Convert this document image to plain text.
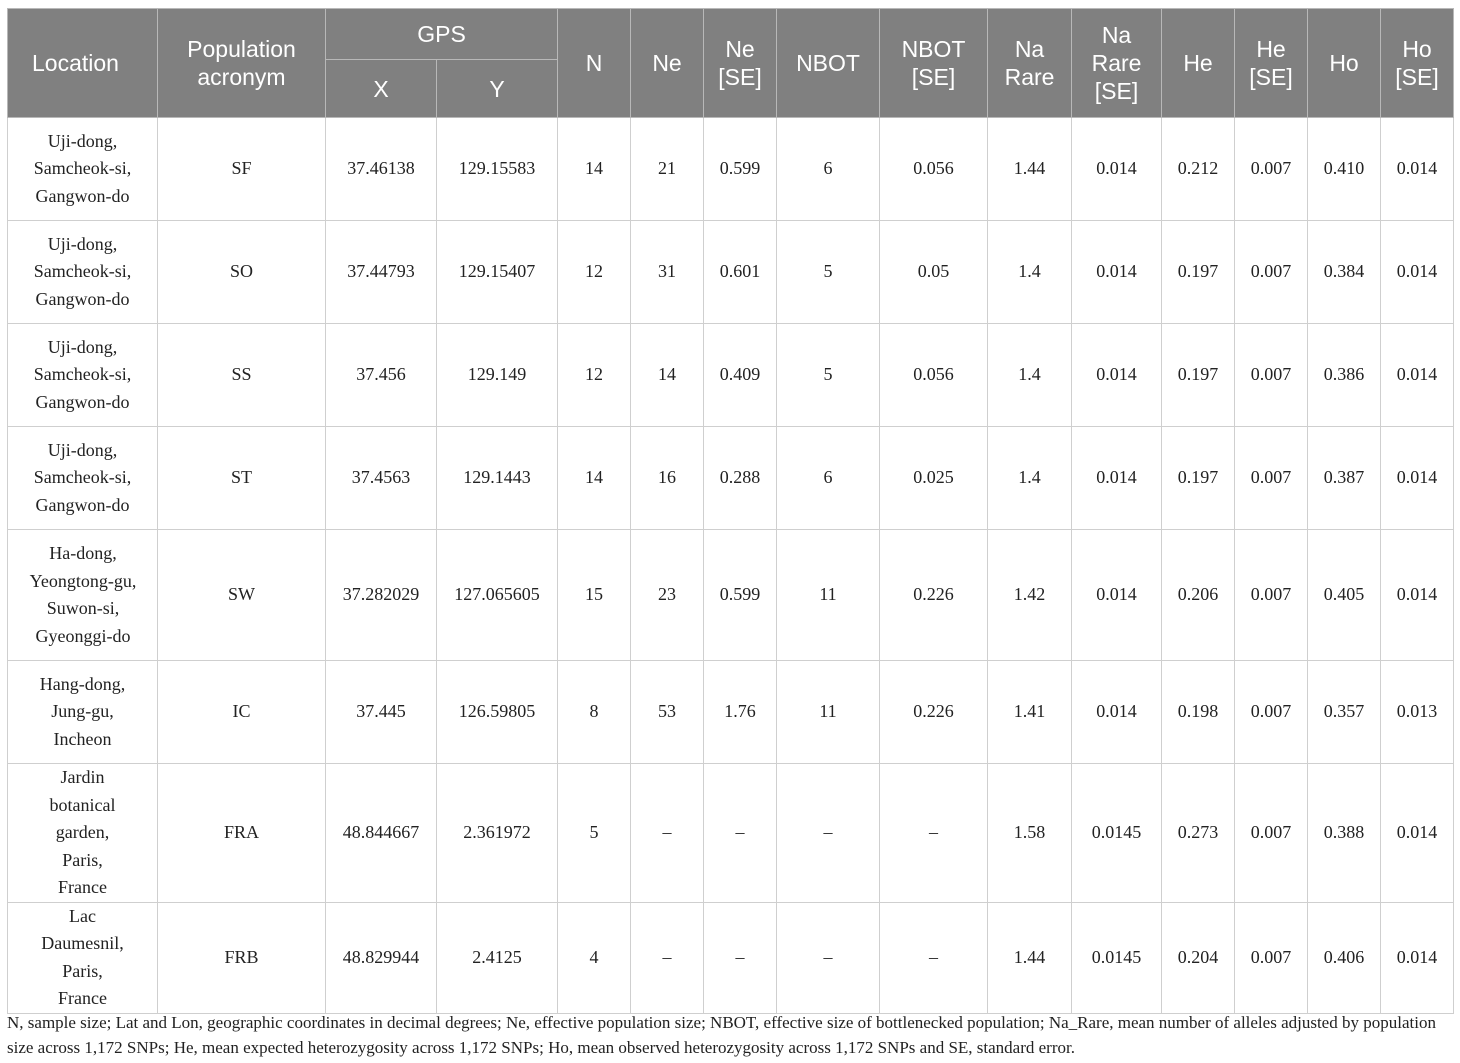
Location	Population acronym	GPS		N	Ne	Ne [SE]	NBOT	NBOT [SE]	Na Rare	Na Rare [SE]	He	He [SE]	Ho	Ho [SE]
		X	Y											

Uji-dong, Samcheok-si, Gangwon-do	SF	37.46138	129.15583	14	21	0.599	6	0.056	1.44	0.014	0.212	0.007	0.410	0.014

Uji-dong, Samcheok-si, Gangwon-do	SO	37.44793	129.15407	12	31	0.601	5	0.05	1.4	0.014	0.197	0.007	0.384	0.014

Uji-dong, Samcheok-si, Gangwon-do	SS	37.456	129.149	12	14	0.409	5	0.056	1.4	0.014	0.197	0.007	0.386	0.014

Uji-dong, Samcheok-si, Gangwon-do	ST	37.4563	129.1443	14	16	0.288	6	0.025	1.4	0.014	0.197	0.007	0.387	0.014

Ha-dong, Yeongtong-gu, Suwon-si, Gyeonggi-do	SW	37.282029	127.065605	15	23	0.599	11	0.226	1.42	0.014	0.206	0.007	0.405	0.014

Hang-dong, Jung-gu, Incheon	IC	37.445	126.59805	8	53	1.76	11	0.226	1.41	0.014	0.198	0.007	0.357	0.013

Jardin botanical garden, Paris, France	FRA	48.844667	2.361972	5	–	–	–	–	1.58	0.0145	0.273	0.007	0.388	0.014

Lac Daumesnil, Paris, France	FRB	48.829944	2.4125	4	–	–	–	–	1.44	0.0145	0.204	0.007	0.406	0.014
N, sample size; Lat and Lon, geographic coordinates in decimal degrees; Ne, effective population size; NBOT, effective size of bottlenecked population; Na_Rare, mean number of alleles adjusted by population size across 1,172 SNPs; He, mean expected heterozygosity across 1,172 SNPs; Ho, mean observed heterozygosity across 1,172 SNPs and SE, standard error.
